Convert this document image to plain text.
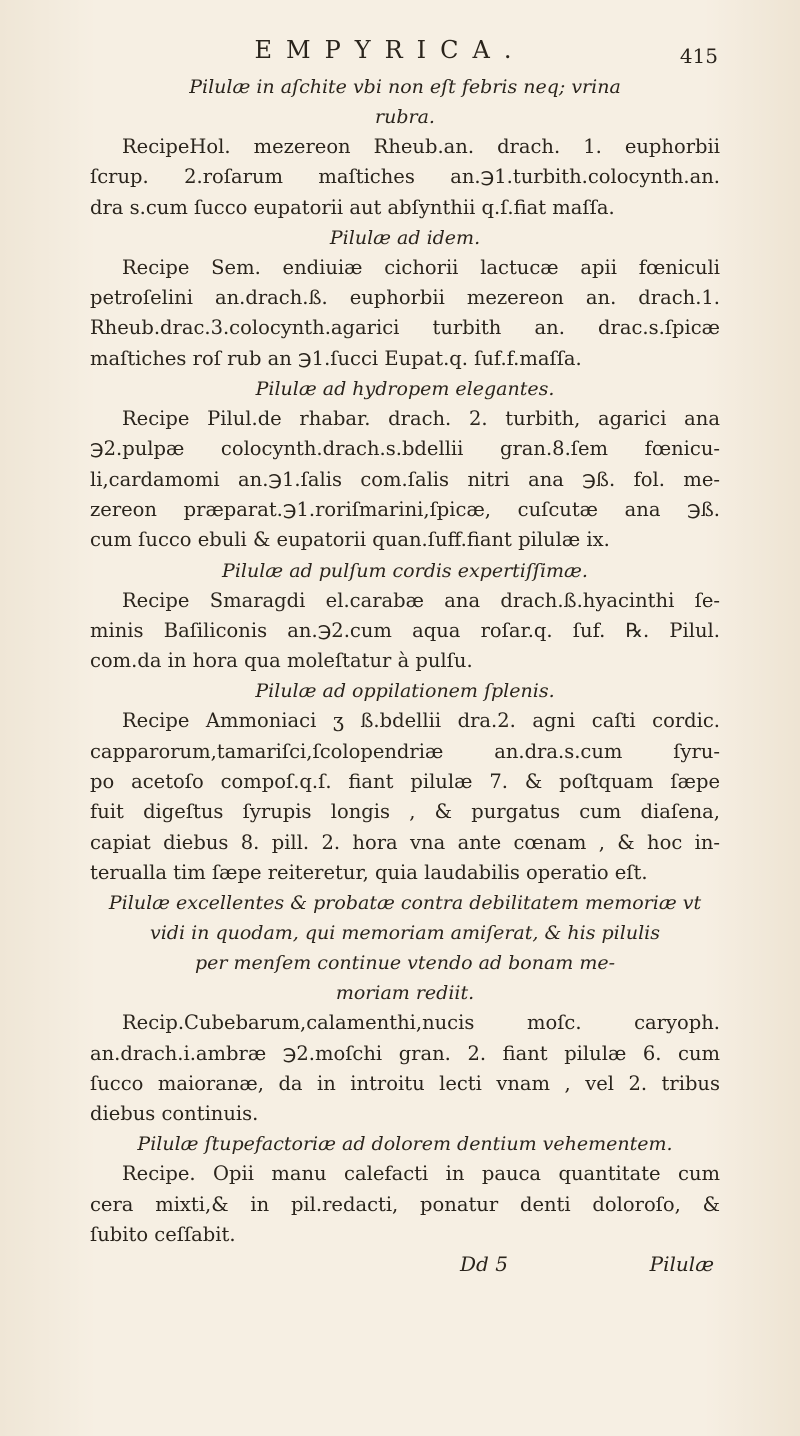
EMPYRICA.	415

Pilulæ in aſchite vbi non eſt febris neq; vrina

rubra.

RecipeHol. mezereon Rheub.an. drach. 1. euphorbii

ſcrup. 2.roſarum maſtiches an.℈1.turbith.colocynth.an.

dra s.cum ſucco eupatorii aut abſynthii q.ſ.fiat maſſa.

Pilulæ ad idem.

Recipe Sem. endiuiæ cichorii lactucæ apii fœniculi

petroſelini an.drach.ß. euphorbii mezereon an. drach.1.

Rheub.drac.3.colocynth.agarici turbith an. drac.s.ſpicæ

maſtiches roſ rub an ℈1.ſucci Eupat.q. ſuf.f.maſſa.

Pilulæ ad hydropem elegantes.

Recipe Pilul.de rhabar. drach. 2. turbith, agarici ana

℈2.pulpæ colocynth.drach.s.bdellii gran.8.ſem fœnicu-

li,cardamomi an.℈1.ſalis com.ſalis nitri ana ℈ß. fol. me-

zereon præparat.℈1.roriſmarini,ſpicæ, cuſcutæ ana ℈ß.

cum ſucco ebuli & eupatorii quan.ſuff.fiant pilulæ ix.

Pilulæ ad pulſum cordis expertiſſimæ.

Recipe Smaragdi el.carabæ ana drach.ß.hyacinthi ſe-

minis Baſiliconis an.℈2.cum aqua roſar.q. ſuf. ℞. Pilul.

com.da in hora qua moleſtatur à pulſu.

Pilulæ ad oppilationem ſplenis.

Recipe Ammoniaci ʒ ß.bdellii dra.2. agni caſti cordic.

capparorum,tamariſci,ſcolopendriæ an.dra.s.cum ſyru-

po acetoſo compoſ.q.ſ. fiant pilulæ 7. & poſtquam ſæpe

fuit digeſtus ſyrupis longis , & purgatus cum diaſena,

capiat diebus 8. pill. 2. hora vna ante cœnam , & hoc in-

terualla tim ſæpe reiteretur, quia laudabilis operatio eſt.

Pilulæ excellentes & probatæ contra debilitatem memoriæ vt

vidi in quodam, qui memoriam amiſerat, & his pilulis

per menſem continue vtendo ad bonam me-

moriam rediit.

Recip.Cubebarum,calamenthi,nucis moſc. caryoph.

an.drach.i.ambræ ℈2.moſchi gran. 2. fiant pilulæ 6. cum

ſucco maioranæ, da in introitu lecti vnam , vel 2. tribus

diebus continuis.

Pilulæ ſtupefactoriæ ad dolorem dentium vehementem.

Recipe. Opii manu calefacti in pauca quantitate cum

cera mixti,& in pil.redacti, ponatur denti doloroſo, &

ſubito ceſſabit.

Dd 5	Pilulæ
